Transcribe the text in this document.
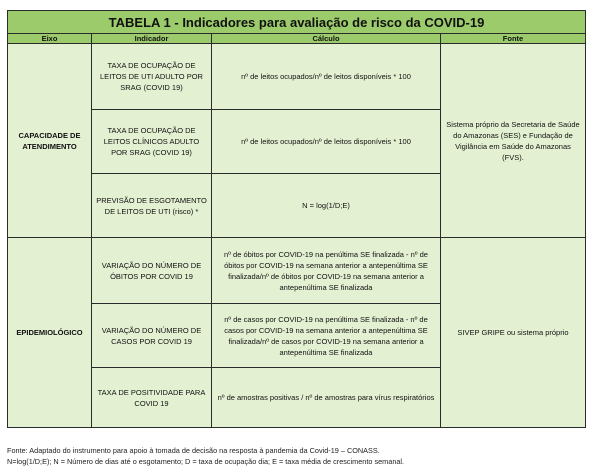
TABELA 1 - Indicadores para avaliação de risco da COVID-19			
Eixo	Indicador	Cálculo	Fonte
CAPACIDADE DE ATENDIMENTO	TAXA DE OCUPAÇÃO DE LEITOS DE UTI ADULTO POR SRAG (COVID 19)	nº de leitos ocupados/nº de leitos disponíveis * 100	Sistema próprio da Secretaria de Saúde do Amazonas (SES) e Fundação de Vigilância em Saúde do Amazonas (FVS).
	TAXA DE OCUPAÇÃO DE LEITOS CLÍNICOS ADULTO POR SRAG (COVID 19)	nº de leitos ocupados/nº de leitos disponíveis * 100	
	PREVISÃO DE ESGOTAMENTO DE LEITOS DE UTI (risco) *	N = log(1/D;E)	
EPIDEMIOLÓGICO	VARIAÇÃO DO NÚMERO DE ÓBITOS POR COVID 19	nº de óbitos por COVID-19 na penúltima SE finalizada - nº de óbitos por COVID-19 na semana anterior a antepenúltima SE finalizada/nº de óbitos por COVID-19 na semana anterior a antepenúltima SE finalizada	SIVEP GRIPE ou sistema próprio
	VARIAÇÃO DO NÚMERO DE CASOS POR COVID 19	nº de casos por COVID-19 na penúltima SE finalizada - nº de casos por COVID-19 na semana anterior a antepenúltima SE finalizada/nº de casos por COVID-19 na semana anterior a antepenúltima SE finalizada	
	TAXA DE POSITIVIDADE PARA COVID 19	nº de amostras positivas / nº de amostras para vírus respiratórios	
Fonte: Adaptado do instrumento para apoio à tomada de decisão na resposta à pandemia da Covid-19 – CONASS.
N=log(1/D;E); N = Número de dias até o esgotamento; D = taxa de ocupação dia; E = taxa média de crescimento semanal.
